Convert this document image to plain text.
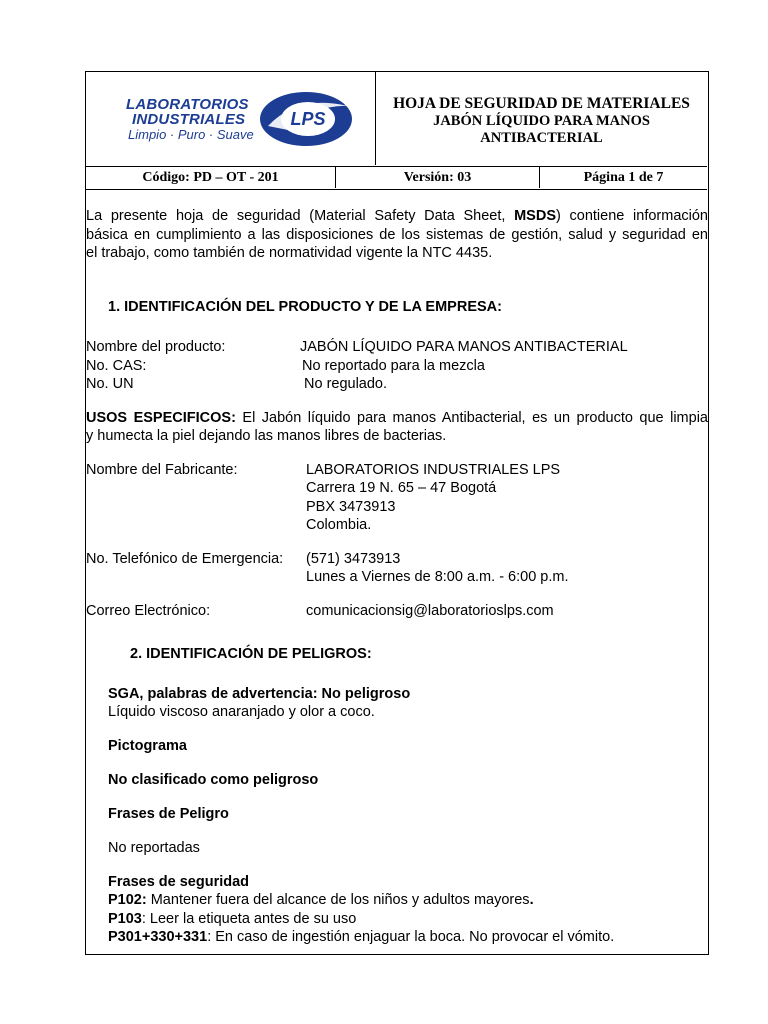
LABORATORIOS
INDUSTRIALES
Limpio · Puro · Suave
LPS
HOJA DE SEGURIDAD DE MATERIALES
JABÓN LÍQUIDO PARA MANOS
ANTIBACTERIAL
Código: PD – OT - 201	Versión: 03	Página 1 de 7

La presente hoja de seguridad (Material Safety Data Sheet, MSDS) contiene información

básica en cumplimiento a las disposiciones de los sistemas de gestión, salud y seguridad en

el trabajo, como también de normatividad vigente la NTC 4435.

1. IDENTIFICACIÓN DEL PRODUCTO Y DE LA EMPRESA:
Nombre del producto:	JABÓN LÍQUIDO PARA MANOS ANTIBACTERIAL
No. CAS:	No reportado para la mezcla
No. UN	No regulado.
USOS ESPECIFICOS: El Jabón líquido para manos Antibacterial, es un producto que limpia
y humecta la piel dejando las manos libres de bacterias.
Nombre del Fabricante:	LABORATORIOS INDUSTRIALES LPS
Carrera 19 N. 65 – 47 Bogotá
PBX 3473913
Colombia.
No. Telefónico de Emergencia: (571) 3473913
Lunes a Viernes de 8:00 a.m. - 6:00 p.m.
Correo Electrónico:	comunicacionsig@laboratorioslps.com
2. IDENTIFICACIÓN DE PELIGROS:
SGA, palabras de advertencia: No peligroso
Líquido viscoso anaranjado y olor a coco.
Pictograma
No clasificado como peligroso
Frases de Peligro
No reportadas
Frases de seguridad
P102: Mantener fuera del alcance de los niños y adultos mayores.
P103: Leer la etiqueta antes de su uso
P301+330+331: En caso de ingestión enjaguar la boca. No provocar el vómito.
